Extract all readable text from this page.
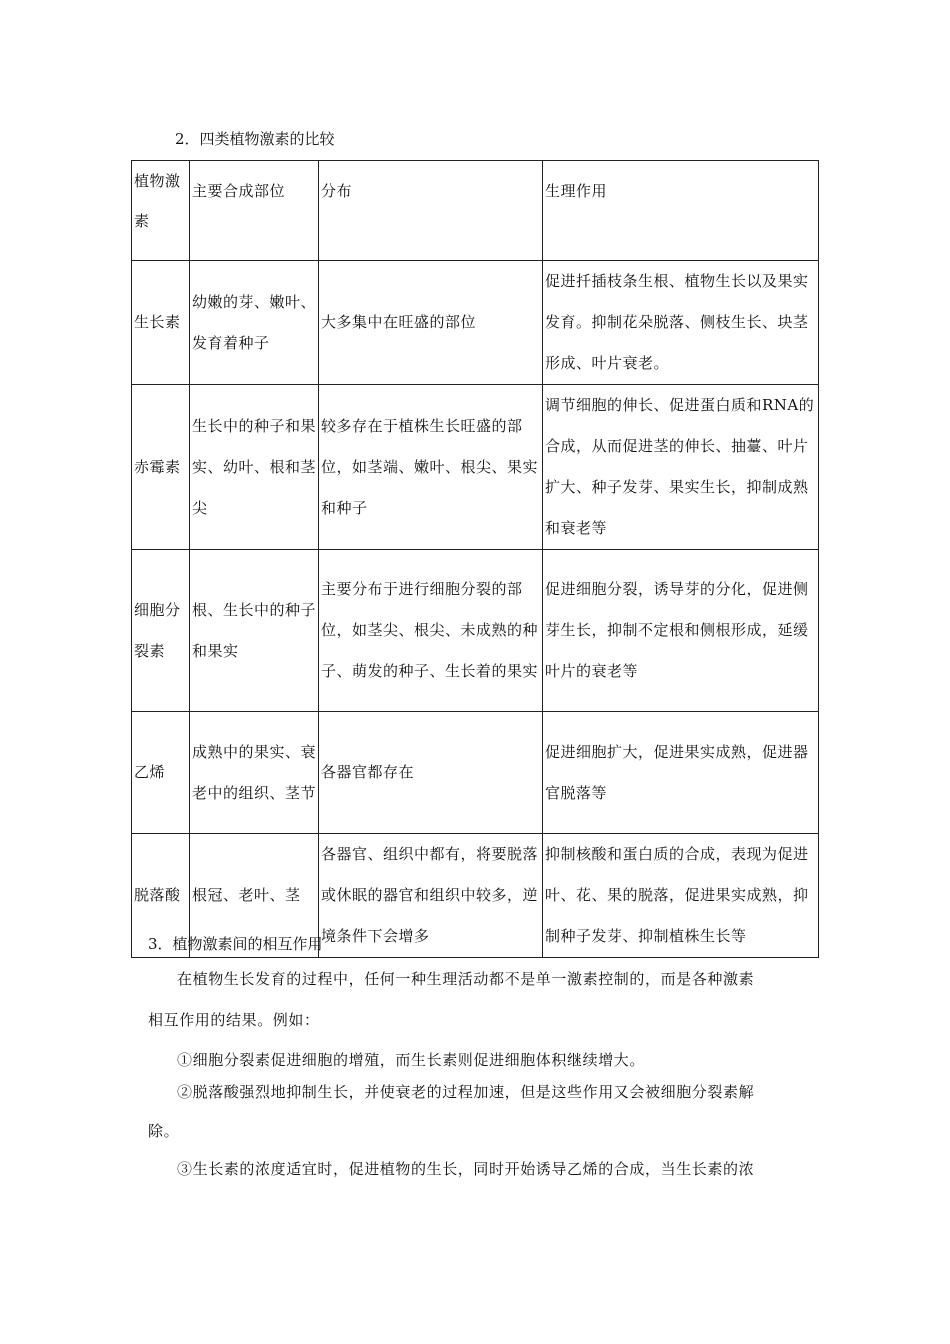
2．四类植物激素的比较
植物激素	主要合成部位	分布	生理作用
生长素	幼嫩的芽、嫩叶、发育着种子	大多集中在旺盛的部位	促进扦插枝条生根、植物生长以及果实发育。抑制花朵脱落、侧枝生长、块茎形成、叶片衰老。
赤霉素	生长中的种子和果实、幼叶、根和茎尖	较多存在于植株生长旺盛的部位，如茎端、嫩叶、根尖、果实和种子	调节细胞的伸长、促进蛋白质和RNA的合成，从而促进茎的伸长、抽薹、叶片扩大、种子发芽、果实生长，抑制成熟和衰老等
细胞分裂素	根、生长中的种子和果实	主要分布于进行细胞分裂的部位，如茎尖、根尖、未成熟的种子、萌发的种子、生长着的果实	促进细胞分裂，诱导芽的分化，促进侧芽生长，抑制不定根和侧根形成，延缓叶片的衰老等
乙烯	成熟中的果实、衰老中的组织、茎节	各器官都存在	促进细胞扩大，促进果实成熟，促进器官脱落等
脱落酸	根冠、老叶、茎	各器官、组织中都有，将要脱落或休眠的器官和组织中较多，逆境条件下会增多	抑制核酸和蛋白质的合成，表现为促进叶、花、果的脱落，促进果实成熟，抑制种子发芽、抑制植株生长等
3．植物激素间的相互作用
在植物生长发育的过程中，任何一种生理活动都不是单一激素控制的，而是各种激素
相互作用的结果。例如：
①细胞分裂素促进细胞的增殖，而生长素则促进细胞体积继续增大。
②脱落酸强烈地抑制生长，并使衰老的过程加速，但是这些作用又会被细胞分裂素解
除。
③生长素的浓度适宜时，促进植物的生长，同时开始诱导乙烯的合成，当生长素的浓
